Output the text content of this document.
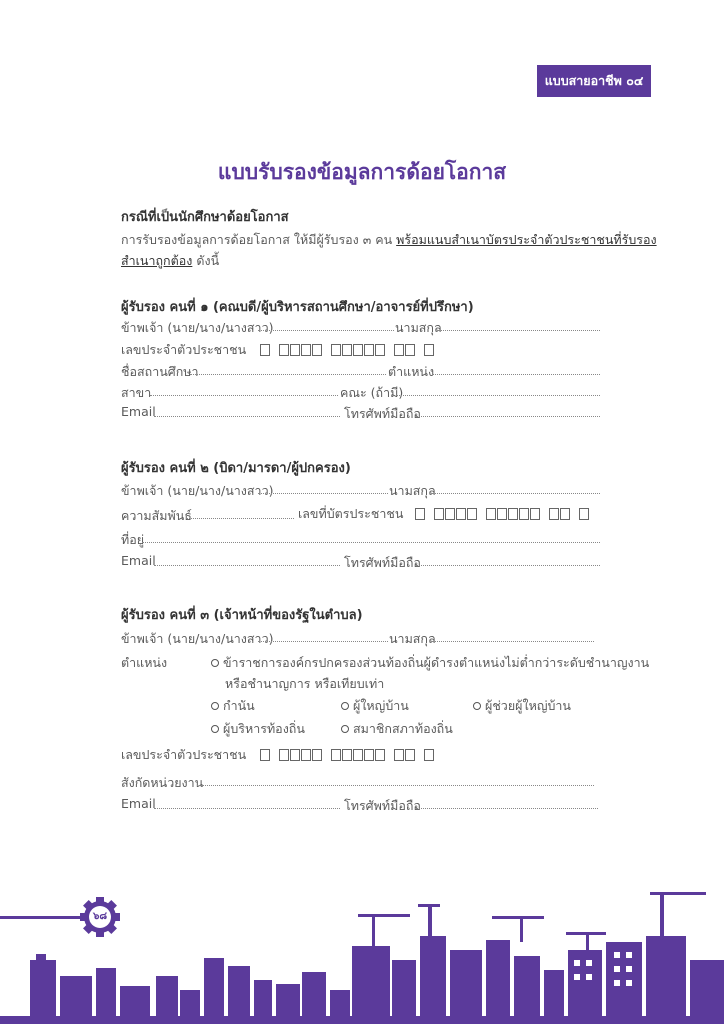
แบบสายอาชีพ ๐๔
แบบรับรองข้อมูลการด้อยโอกาส
กรณีที่เป็นนักศึกษาด้อยโอกาส
การรับรองข้อมูลการด้อยโอกาส ให้มีผู้รับรอง ๓ คน พร้อมแนบสำเนาบัตรประจำตัวประชาชนที่รับรอง
สำเนาถูกต้อง ดังนี้
ผู้รับรอง คนที่ ๑ (คณบดี/ผู้บริหารสถานศึกษา/อาจารย์ที่ปรึกษา)
ข้าพเจ้า (นาย/นาง/นางสาว)	นามสกุล
เลขประจำตัวประชาชน
ชื่อสถานศึกษา	ตำแหน่ง
สาขา	คณะ (ถ้ามี)
Email	โทรศัพท์มือถือ
ผู้รับรอง คนที่ ๒ (บิดา/มารดา/ผู้ปกครอง)
ข้าพเจ้า (นาย/นาง/นางสาว)	นามสกุล
ความสัมพันธ์	เลขที่บัตรประชาชน
ที่อยู่
Email	โทรศัพท์มือถือ
ผู้รับรอง คนที่ ๓ (เจ้าหน้าที่ของรัฐในตำบล)
ข้าพเจ้า (นาย/นาง/นางสาว)	นามสกุล
ตำแหน่ง	ข้าราชการองค์กรปกครองส่วนท้องถิ่นผู้ดำรงตำแหน่งไม่ต่ำกว่าระดับชำนาญงาน
หรือชำนาญการ หรือเทียบเท่า
กำนัน	ผู้ใหญ่บ้าน	ผู้ช่วยผู้ใหญ่บ้าน
ผู้บริหารท้องถิ่น	สมาชิกสภาท้องถิ่น
เลขประจำตัวประชาชน
สังกัดหน่วยงาน
Email	โทรศัพท์มือถือ
๖๘
